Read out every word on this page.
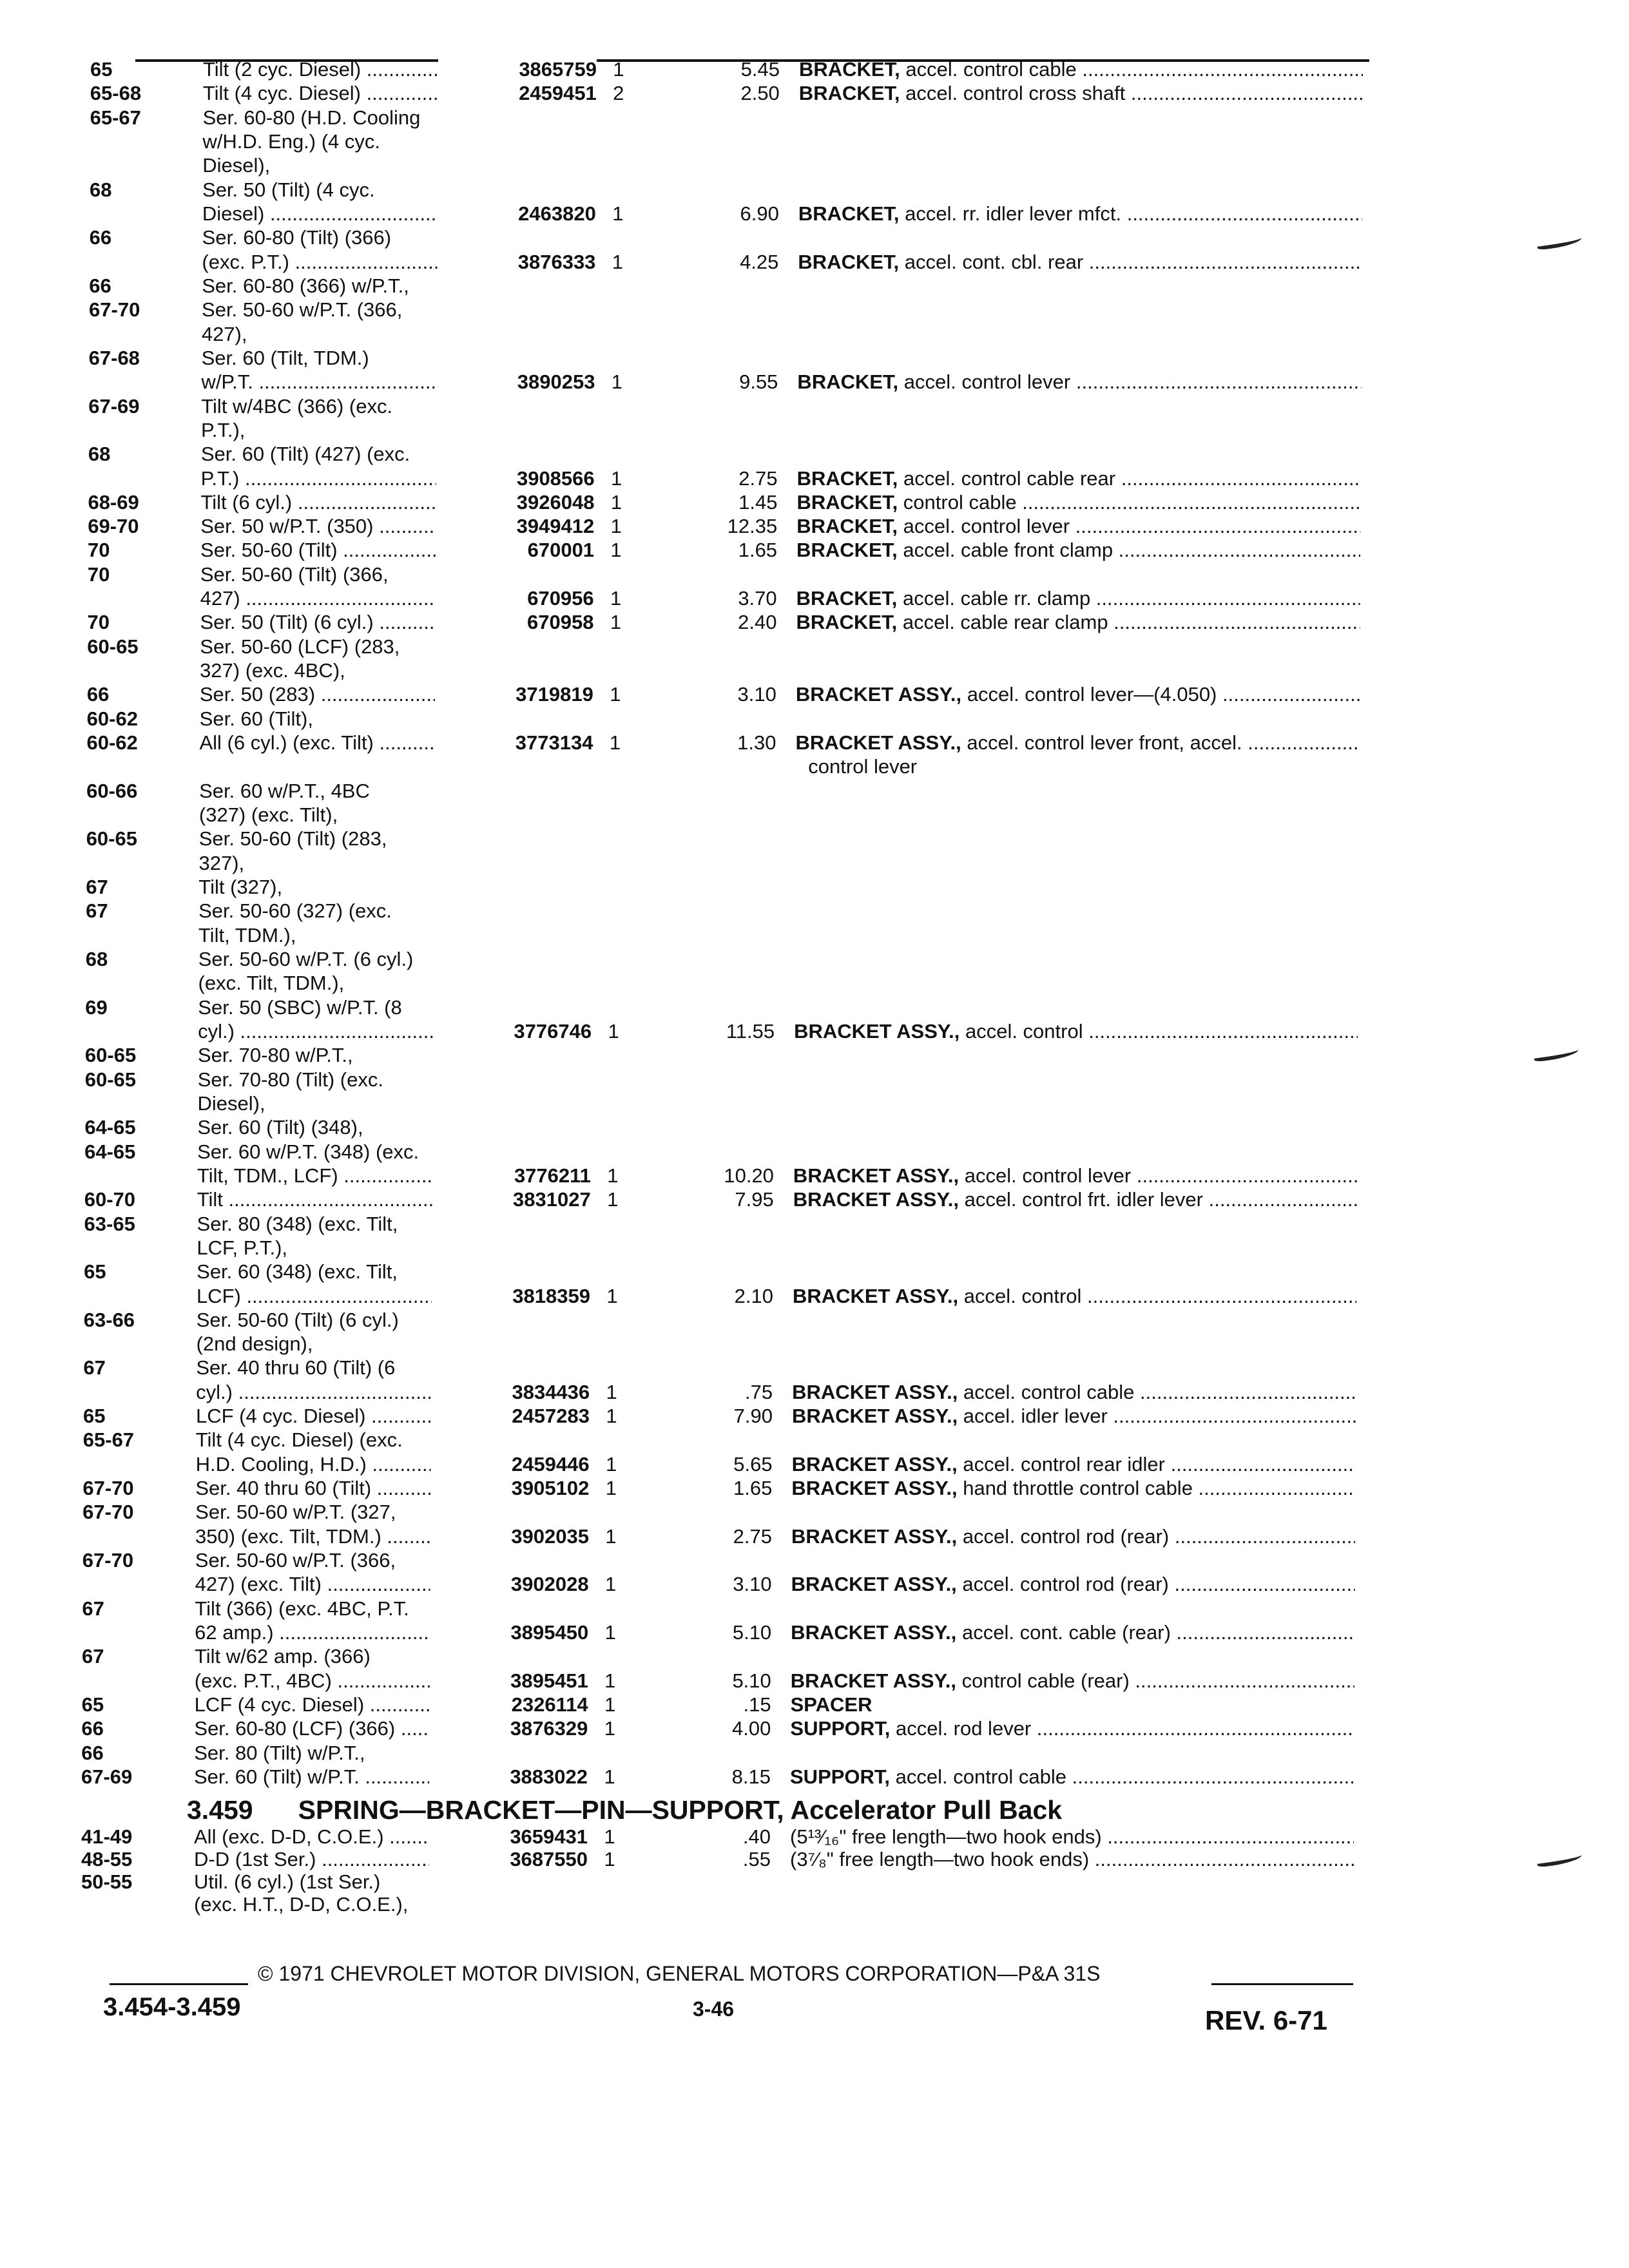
65	Tilt (2 cyc. Diesel) .....	3865759 1	5.45 BRACKET, accel. control cable .....
65-68	Tilt (4 cyc. Diesel) .....	2459451 2	2.50 BRACKET, accel. control cross shaft .....
65-67	Ser. 60-80 (H.D. Cooling
w/H.D. Eng.) (4 cyc.
Diesel),
68	Ser. 50 (Tilt) (4 cyc.
Diesel) .....	2463820 1	6.90 BRACKET, accel. rr. idler lever mfct. .....
66	Ser. 60-80 (Tilt) (366)
(exc. P.T.) .....	3876333 1	4.25 BRACKET, accel. cont. cbl. rear .....
66	Ser. 60-80 (366) w/P.T.,
67-70	Ser. 50-60 w/P.T. (366,
427),
67-68	Ser. 60 (Tilt, TDM.)
w/P.T. .....	3890253 1	9.55 BRACKET, accel. control lever .....
67-69	Tilt w/4BC (366) (exc.
P.T.),
68	Ser. 60 (Tilt) (427) (exc.
P.T.) .....	3908566 1	2.75 BRACKET, accel. control cable rear .....
68-69	Tilt (6 cyl.) .....	3926048 1	1.45 BRACKET, control cable .....
69-70	Ser. 50 w/P.T. (350) .....	3949412 1	12.35 BRACKET, accel. control lever .....
70	Ser. 50-60 (Tilt) .....	670001 1	1.65 BRACKET, accel. cable front clamp .....
70	Ser. 50-60 (Tilt) (366,
427) .....	670956 1	3.70 BRACKET, accel. cable rr. clamp .....
70	Ser. 50 (Tilt) (6 cyl.) .....	670958 1	2.40 BRACKET, accel. cable rear clamp .....
60-65	Ser. 50-60 (LCF) (283,
327) (exc. 4BC),
66	Ser. 50 (283) .....	3719819 1	3.10 BRACKET ASSY., accel. control lever—(4.050) .....
60-62	Ser. 60 (Tilt),
60-62	All (6 cyl.) (exc. Tilt) .....	3773134 1	1.30 BRACKET ASSY., accel. control lever front, accel. .....
control lever
60-66	Ser. 60 w/P.T., 4BC
(327) (exc. Tilt),
60-65	Ser. 50-60 (Tilt) (283,
327),
67	Tilt (327),
67	Ser. 50-60 (327) (exc.
Tilt, TDM.),
68	Ser. 50-60 w/P.T. (6 cyl.)
(exc. Tilt, TDM.),
69	Ser. 50 (SBC) w/P.T. (8
cyl.) .....	3776746 1	11.55 BRACKET ASSY., accel. control .....
60-65	Ser. 70-80 w/P.T.,
60-65	Ser. 70-80 (Tilt) (exc.
Diesel),
64-65	Ser. 60 (Tilt) (348),
64-65	Ser. 60 w/P.T. (348) (exc.
Tilt, TDM., LCF) .....	3776211 1	10.20 BRACKET ASSY., accel. control lever .....
60-70	Tilt .....	3831027 1	7.95 BRACKET ASSY., accel. control frt. idler lever .....
63-65	Ser. 80 (348) (exc. Tilt,
LCF, P.T.),
65	Ser. 60 (348) (exc. Tilt,
LCF) .....	3818359 1	2.10 BRACKET ASSY., accel. control .....
63-66	Ser. 50-60 (Tilt) (6 cyl.)
(2nd design),
67	Ser. 40 thru 60 (Tilt) (6
cyl.) .....	3834436 1	.75 BRACKET ASSY., accel. control cable .....
65	LCF (4 cyc. Diesel) .....	2457283 1	7.90 BRACKET ASSY., accel. idler lever .....
65-67	Tilt (4 cyc. Diesel) (exc.
H.D. Cooling, H.D.) .....	2459446 1	5.65 BRACKET ASSY., accel. control rear idler .....
67-70	Ser. 40 thru 60 (Tilt) .....	3905102 1	1.65 BRACKET ASSY., hand throttle control cable .....
67-70	Ser. 50-60 w/P.T. (327,
350) (exc. Tilt, TDM.) .....	3902035 1	2.75 BRACKET ASSY., accel. control rod (rear) .....
67-70	Ser. 50-60 w/P.T. (366,
427) (exc. Tilt) .....	3902028 1	3.10 BRACKET ASSY., accel. control rod (rear) .....
67	Tilt (366) (exc. 4BC, P.T.
62 amp.) .....	3895450 1	5.10 BRACKET ASSY., accel. cont. cable (rear) .....
67	Tilt w/62 amp. (366)
(exc. P.T., 4BC) .....	3895451 1	5.10 BRACKET ASSY., control cable (rear) .....
65	LCF (4 cyc. Diesel) .....	2326114 1	.15 SPACER
66	Ser. 60-80 (LCF) (366) .....	3876329 1	4.00 SUPPORT, accel. rod lever .....
66	Ser. 80 (Tilt) w/P.T.,
67-69	Ser. 60 (Tilt) w/P.T. .....	3883022 1	8.15 SUPPORT, accel. control cable .....
3.459 SPRING—BRACKET—PIN—SUPPORT, Accelerator Pull Back
41-49	All (exc. D-D, C.O.E.) .....	3659431 1	.40 (5¹³⁄₁₆" free length—two hook ends) .....
48-55	D-D (1st Ser.) .....	3687550 1	.55 (3⁷⁄₈" free length—two hook ends) .....
50-55	Util. (6 cyl.) (1st Ser.)
(exc. H.T., D-D, C.O.E.),
© 1971 CHEVROLET MOTOR DIVISION, GENERAL MOTORS CORPORATION—P&A 31S
3.454-3.459	3-46	REV. 6-71
